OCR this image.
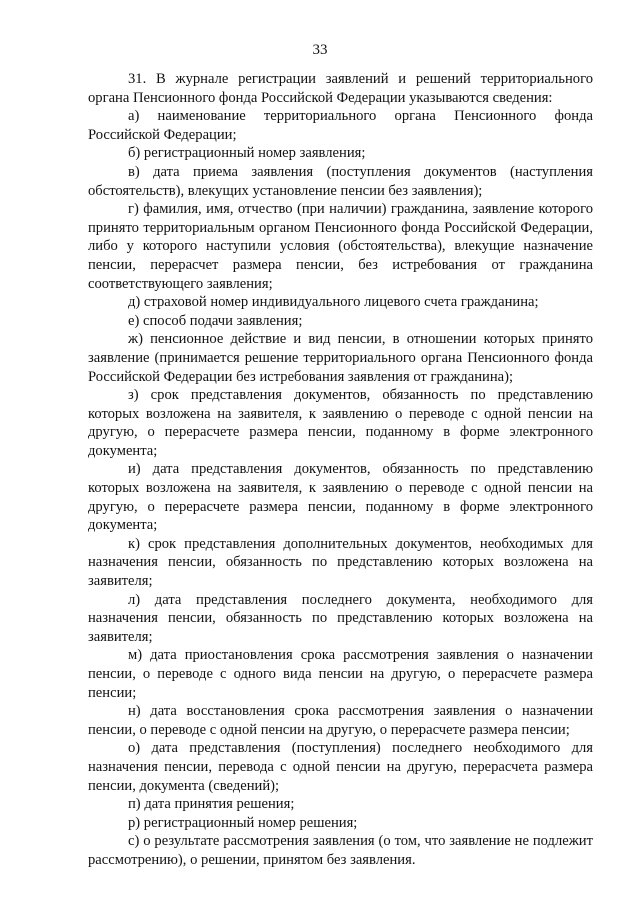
33

31. В журнале регистрации заявлений и решений территориального органа Пенсионного фонда Российской Федерации указываются сведения:

а) наименование территориального органа Пенсионного фонда Российской Федерации;

б) регистрационный номер заявления;

в) дата приема заявления (поступления документов (наступления обстоятельств), влекущих установление пенсии без заявления);

г) фамилия, имя, отчество (при наличии) гражданина, заявление которого принято территориальным органом Пенсионного фонда Российской Федерации, либо у которого наступили условия (обстоятельства), влекущие назначение пенсии, перерасчет размера пенсии, без истребования от гражданина соответствующего заявления;

д) страховой номер индивидуального лицевого счета гражданина;

е) способ подачи заявления;

ж) пенсионное действие и вид пенсии, в отношении которых принято заявление (принимается решение территориального органа Пенсионного фонда Российской Федерации без истребования заявления от гражданина);

з) срок представления документов, обязанность по представлению которых возложена на заявителя, к заявлению о переводе с одной пенсии на другую, о перерасчете размера пенсии, поданному в форме электронного документа;

и) дата представления документов, обязанность по представлению которых возложена на заявителя, к заявлению о переводе с одной пенсии на другую, о перерасчете размера пенсии, поданному в форме электронного документа;

к) срок представления дополнительных документов, необходимых для назначения пенсии, обязанность по представлению которых возложена на заявителя;

л) дата представления последнего документа, необходимого для назначения пенсии, обязанность по представлению которых возложена на заявителя;

м) дата приостановления срока рассмотрения заявления о назначении пенсии, о переводе с одного вида пенсии на другую, о перерасчете размера пенсии;

н) дата восстановления срока рассмотрения заявления о назначении пенсии, о переводе с одной пенсии на другую, о перерасчете размера пенсии;

о) дата представления (поступления) последнего необходимого для назначения пенсии, перевода с одной пенсии на другую, перерасчета размера пенсии, документа (сведений);

п) дата принятия решения;

р) регистрационный номер решения;

с) о результате рассмотрения заявления (о том, что заявление не подлежит рассмотрению), о решении, принятом без заявления.
